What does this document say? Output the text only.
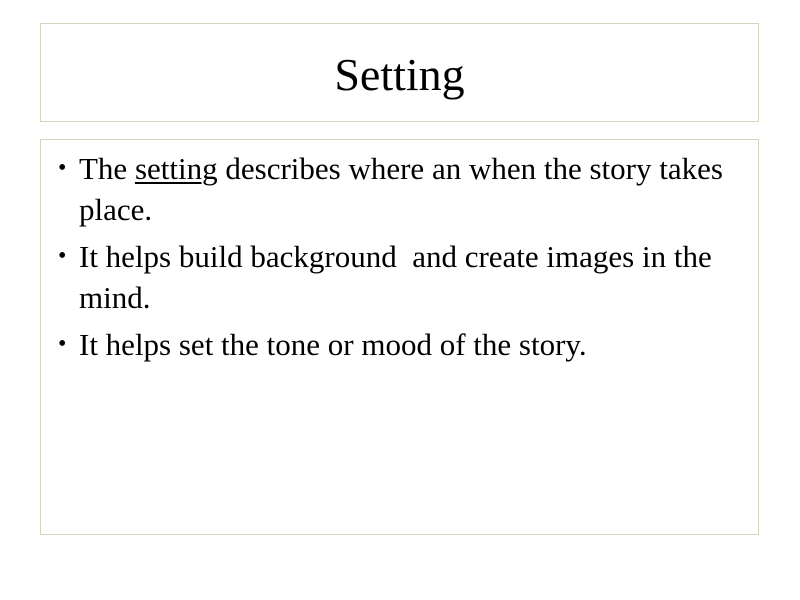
Setting
• The setting describes where an when the story takes place.
• It helps build background  and create images in the mind.
• It helps set the tone or mood of the story.
